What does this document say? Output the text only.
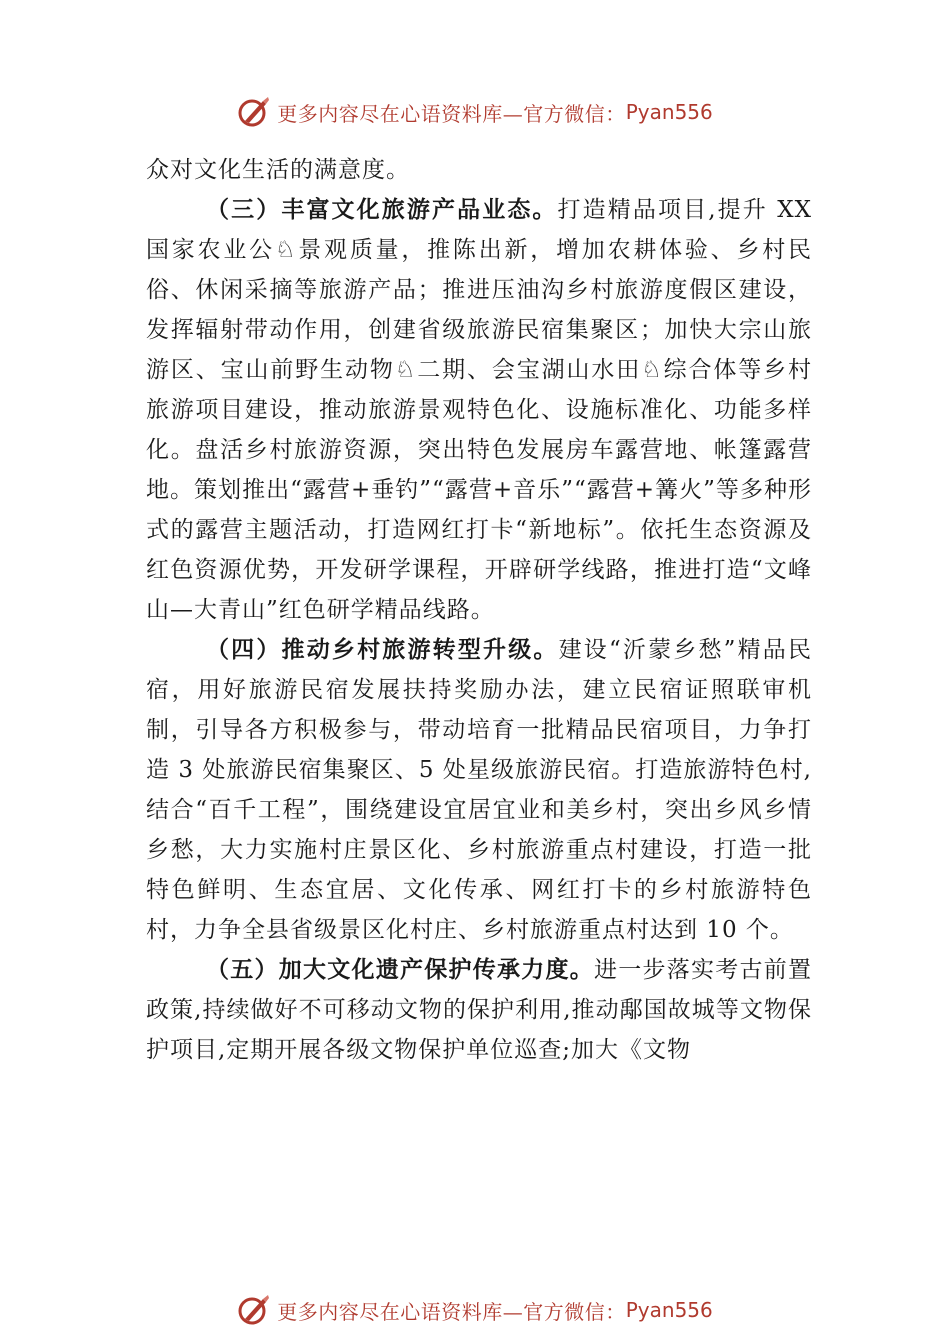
更多内容尽在心语资料库—官方微信： Pyan556

众对文化生活的满意度。

（三）丰富文化旅游产品业态。打造精品项目,提升 XX 国家农业公♘景观质量，推陈出新，增加农耕体验、乡村民俗、休闲采摘等旅游产品；推进压油沟乡村旅游度假区建设，发挥辐射带动作用，创建省级旅游民宿集聚区；加快大宗山旅游区、宝山前野生动物♘二期、会宝湖山水田♘综合体等乡村旅游项目建设，推动旅游景观特色化、设施标准化、功能多样化。盘活乡村旅游资源，突出特色发展房车露营地、帐篷露营地。策划推出“露营+垂钓”“露营+音乐”“露营+篝火”等多种形式的露营主题活动，打造网红打卡“新地标”。依托生态资源及红色资源优势，开发研学课程，开辟研学线路，推进打造“文峰山—大青山”红色研学精品线路。

（四）推动乡村旅游转型升级。建设“沂蒙乡愁”精品民宿，用好旅游民宿发展扶持奖励办法，建立民宿证照联审机制，引导各方积极参与，带动培育一批精品民宿项目，力争打造 3 处旅游民宿集聚区、5 处星级旅游民宿。打造旅游特色村,结合“百千工程”，围绕建设宜居宜业和美乡村，突出乡风乡情乡愁，大力实施村庄景区化、乡村旅游重点村建设，打造一批特色鲜明、生态宜居、文化传承、网红打卡的乡村旅游特色村，力争全县省级景区化村庄、乡村旅游重点村达到 10 个。

（五）加大文化遗产保护传承力度。进一步落实考古前置政策,持续做好不可移动文物的保护利用,推动鄅国故城等文物保护项目,定期开展各级文物保护单位巡查;加大《文物

更多内容尽在心语资料库—官方微信： Pyan556
